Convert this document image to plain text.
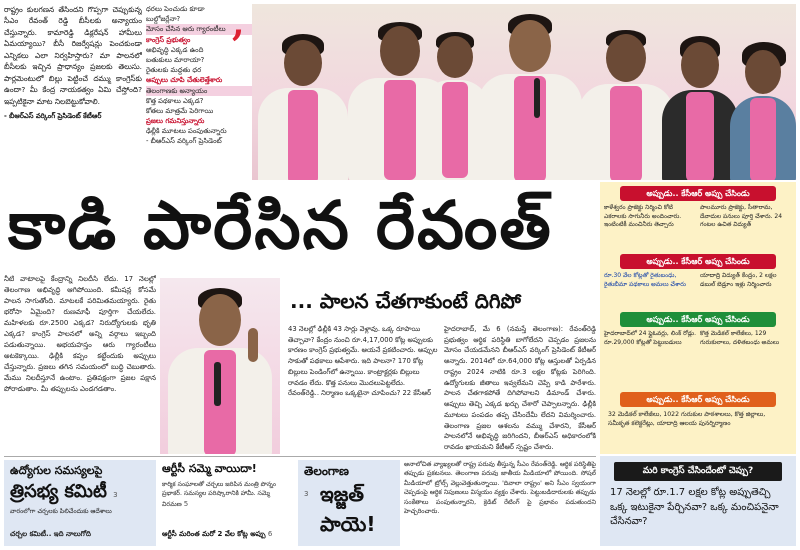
రాష్ట్రం కులగణన తేసిందని గొప్పగా చెప్పుకున్న సీఎం రేవంత్ రెడ్డి బీసీలకు అన్యాయం చేస్తున్నారు. కామారెడ్డి డిక్లరేషన్ హామీలు ఏమయ్యాయి? బీసీ రిజర్వేషన్లు పెంచకుండా ఎన్నికలు ఎలా నిర్వహిస్తారు? మా పాలనలో బీసీలకు ఇచ్చిన ప్రాధాన్యం ప్రజలకు తెలుసు. పార్లమెంటులో బిల్లు పెట్టించే దమ్ము కాంగ్రెస్‌కు ఉందా? మీ కేంద్ర నాయకత్వం ఏమి చేస్తోంది? ఇప్పటికైనా మాట నిలబెట్టుకోవాలి.

- బీఆర్ఎస్ వర్కింగ్ ప్రెసిడెంట్ కేటీఆర్
ధరలు పెంచుడు కూడా
బుల్డోజర్లేనా?
మోసం చేసిన ఆరు గ్యారంటీలు
కాంగ్రెస్ ప్రభుత్వం
అభివృద్ధి ఎక్కడ ఉంది
బతుకులు మారాయా?
రైతులకు మద్దతు ధర
అప్పులు చూపి చేతులెత్తేశారు
తెలంగాణకు అన్యాయం
కొత్త పథకాలు ఎక్కడ?
కోతలు మాత్రమే పెరిగాయి
ప్రజలు గమనిస్తున్నారు
ఢిల్లీకి మూటలు పంపుతున్నారు
- బీఆర్ఎస్ వర్కింగ్ ప్రెసిడెంట్
,
కాడి పారేసిన రేవంత్	అప్పుడు.. కేసీఆర్ అప్పు చేసిండు
కాళేశ్వరం ప్రాజెక్టు నిర్మించి కోటి ఎకరాలకు సాగునీరు అందించారు. ఇంటింటికీ మంచినీరు తెచ్చారు
పాలమూరు ప్రాజెక్టు, సీతారామ, దేవాదుల పనులు పూర్తి చేశారు. 24 గంటల ఉచిత విద్యుత్
అప్పుడు.. కేసీఆర్ అప్పు చేసిండు
రూ.30 వేల కోట్లతో రైతుబంధు, రైతుబీమా పథకాలు అమలు చేశారు
యాదాద్రి విద్యుత్ కేంద్రం, 2 లక్షల డబుల్ బెడ్రూం ఇళ్లు నిర్మించారు
అప్పుడు.. కేసీఆర్ అప్పు చేసిండు
హైదరాబాద్‌లో 24 ఫ్లైఓవర్లు, లింక్ రోడ్లు. రూ.29,000 కోట్లతో పెట్టుబడులు
కొత్త మెడికల్ కాలేజీలు, 129 గురుకులాలు, దళితబంధు అమలు
అప్పుడు.. కేసీఆర్ అప్పు చేసిండు
32 మెడికల్ కాలేజీలు, 1022 గురుకుల పాఠశాలలు, కొత్త జిల్లాలు, సమీకృత కలెక్టరేట్లు, యాదాద్రి ఆలయ పునర్నిర్మాణం
మరి కాంగ్రెస్ చేసిందేంటో చెప్పు?
17 నెలల్లో రూ.1.7 లక్షల కోట్ల అప్పుతెచ్చి ఒక్క ఇటుకైనా పేర్చినవా? ఒక్క మంచిపనైనా చేసినవా?

నీటి వాటాలపై కేంద్రాన్ని నిలదీసి లేదు. 17 నెలల్లో తెలంగాణ అభివృద్ధి ఆగిపోయింది. కమీషన్ల కోసమే పాలన సాగుతోంది. మాటలకే పరిమితమయ్యారు. రైతు భరోసా ఏమైంది? రుణమాఫీ పూర్తిగా చేయలేదు. మహిళలకు రూ.2500 ఎక్కడ? నిరుద్యోగులకు భృతి ఎక్కడ? కాంగ్రెస్ పాలనలో అన్ని వర్గాలు ఇబ్బంది పడుతున్నాయి. అభయహస్తం ఆరు గ్యారంటీలు అటకెక్కాయి. ఢిల్లీకి కప్పం కట్టేందుకు అప్పులు చేస్తున్నారు. ప్రజలు తగిన సమయంలో బుద్ధి చెబుతారు. మేము నిలదీస్తూనే ఉంటాం. ప్రతిపక్షంగా ప్రజల పక్షాన పోరాడుతాం. మీ తప్పులను ఎండగడతాం.

... పాలన చేతగాకుంటే దిగిపో

43 నెలల్లో ఢిల్లీకి 43 సార్లు వెళ్లావు. ఒక్క రూపాయి తెచ్చావా? కేంద్రం నుంచి రూ.4,17,000 కోట్ల అప్పులకు కారణం కాంగ్రెస్ ప్రభుత్వమే. ఆయనే ప్రకటించారు. అప్పుల సాకుతో పథకాలు ఆపేశారు. ఇది పాలనా? 170 కోట్ల బిల్లులు పెండింగ్‌లో ఉన్నాయి. కాంట్రాక్టర్లకు బిల్లులు రావడం లేదు. కొత్త పనులు మొదలుపెట్టలేదు. రేవంత్‌రెడ్డి.. నిర్మాణం ఒక్కటైనా చూపించు? 22 కేసీఆర్

హైదరాబాద్, మే 6 (నమస్తే తెలంగాణ): రేవంత్‌రెడ్డి ప్రభుత్వం ఆర్థిక పరిస్థితి బాగోలేదని చెప్పడం ప్రజలను మోసం చేయడమేనని బీఆర్ఎస్ వర్కింగ్ ప్రెసిడెంట్ కేటీఆర్ అన్నారు. 2014లో రూ.64,000 కోట్ల ఆస్తులతో ఏర్పడిన రాష్ట్రం 2024 నాటికి రూ.3 లక్షల కోట్లకు పెరిగింది. ఉద్యోగులకు జీతాలు ఇవ్వలేమని చెప్పి కాడి పారేశారు. పాలన చేతగాకపోతే దిగిపోవాలని డిమాండ్ చేశారు. అప్పులు తెచ్చి ఎక్కడ ఖర్చు చేశారో చెప్పాలన్నారు. ఢిల్లీకి మూటలు పంపడం తప్ప చేసిందేమీ లేదని విమర్శించారు. తెలంగాణ ప్రజల ఆశలను వమ్ము చేశారని, కేసీఆర్ పాలనలోనే అభివృద్ధి జరిగిందని, బీఆర్ఎస్ అధికారంలోకి రావడం ఖాయమని కేటీఆర్ స్పష్టం చేశారు.

ఉద్యోగుల సమస్యలపై
త్రిసభ్య కమిటీ 3
వారంలోగా చర్చలకు పిలిచేందుకు ఆదేశాలు
చర్చల కమిటీ.. ఇది నాలుగోది
ఆర్టీసీ సమ్మె వాయిదా!
కార్మిక సంఘాలతో చర్చలు జరిపిన మంత్రి పొన్నం ప్రభాకర్. సమస్యల పరిష్కారానికి హామీ. సమ్మె విరమణ 5
ఆర్టీసీ మరింత మరో 2 వేల కోట్ల అప్పు 6
తెలంగాణ
3 ఇజ్జత్
పాయె!

అనాలోచిత వ్యాఖ్యలతో రాష్ట్ర పరువు తీస్తున్న సీఎం రేవంత్‌రెడ్డి. ఆర్థిక పరిస్థితిపై తప్పుడు ప్రకటనలు. తెలంగాణ పరువు జాతీయ మీడియాలో పోయింది. సోషల్ మీడియాలో ట్రోల్స్ వెల్లువెత్తుతున్నాయి. 'దివాలా రాష్ట్రం' అని సీఎం స్వయంగా చెప్పడంపై ఆర్థిక నిపుణులు విస్మయం వ్యక్తం చేశారు. పెట్టుబడిదారులకు తప్పుడు సంకేతాలు పంపుతున్నారని, క్రెడిట్ రేటింగ్ పై ప్రభావం పడుతుందని హెచ్చరించారు.
